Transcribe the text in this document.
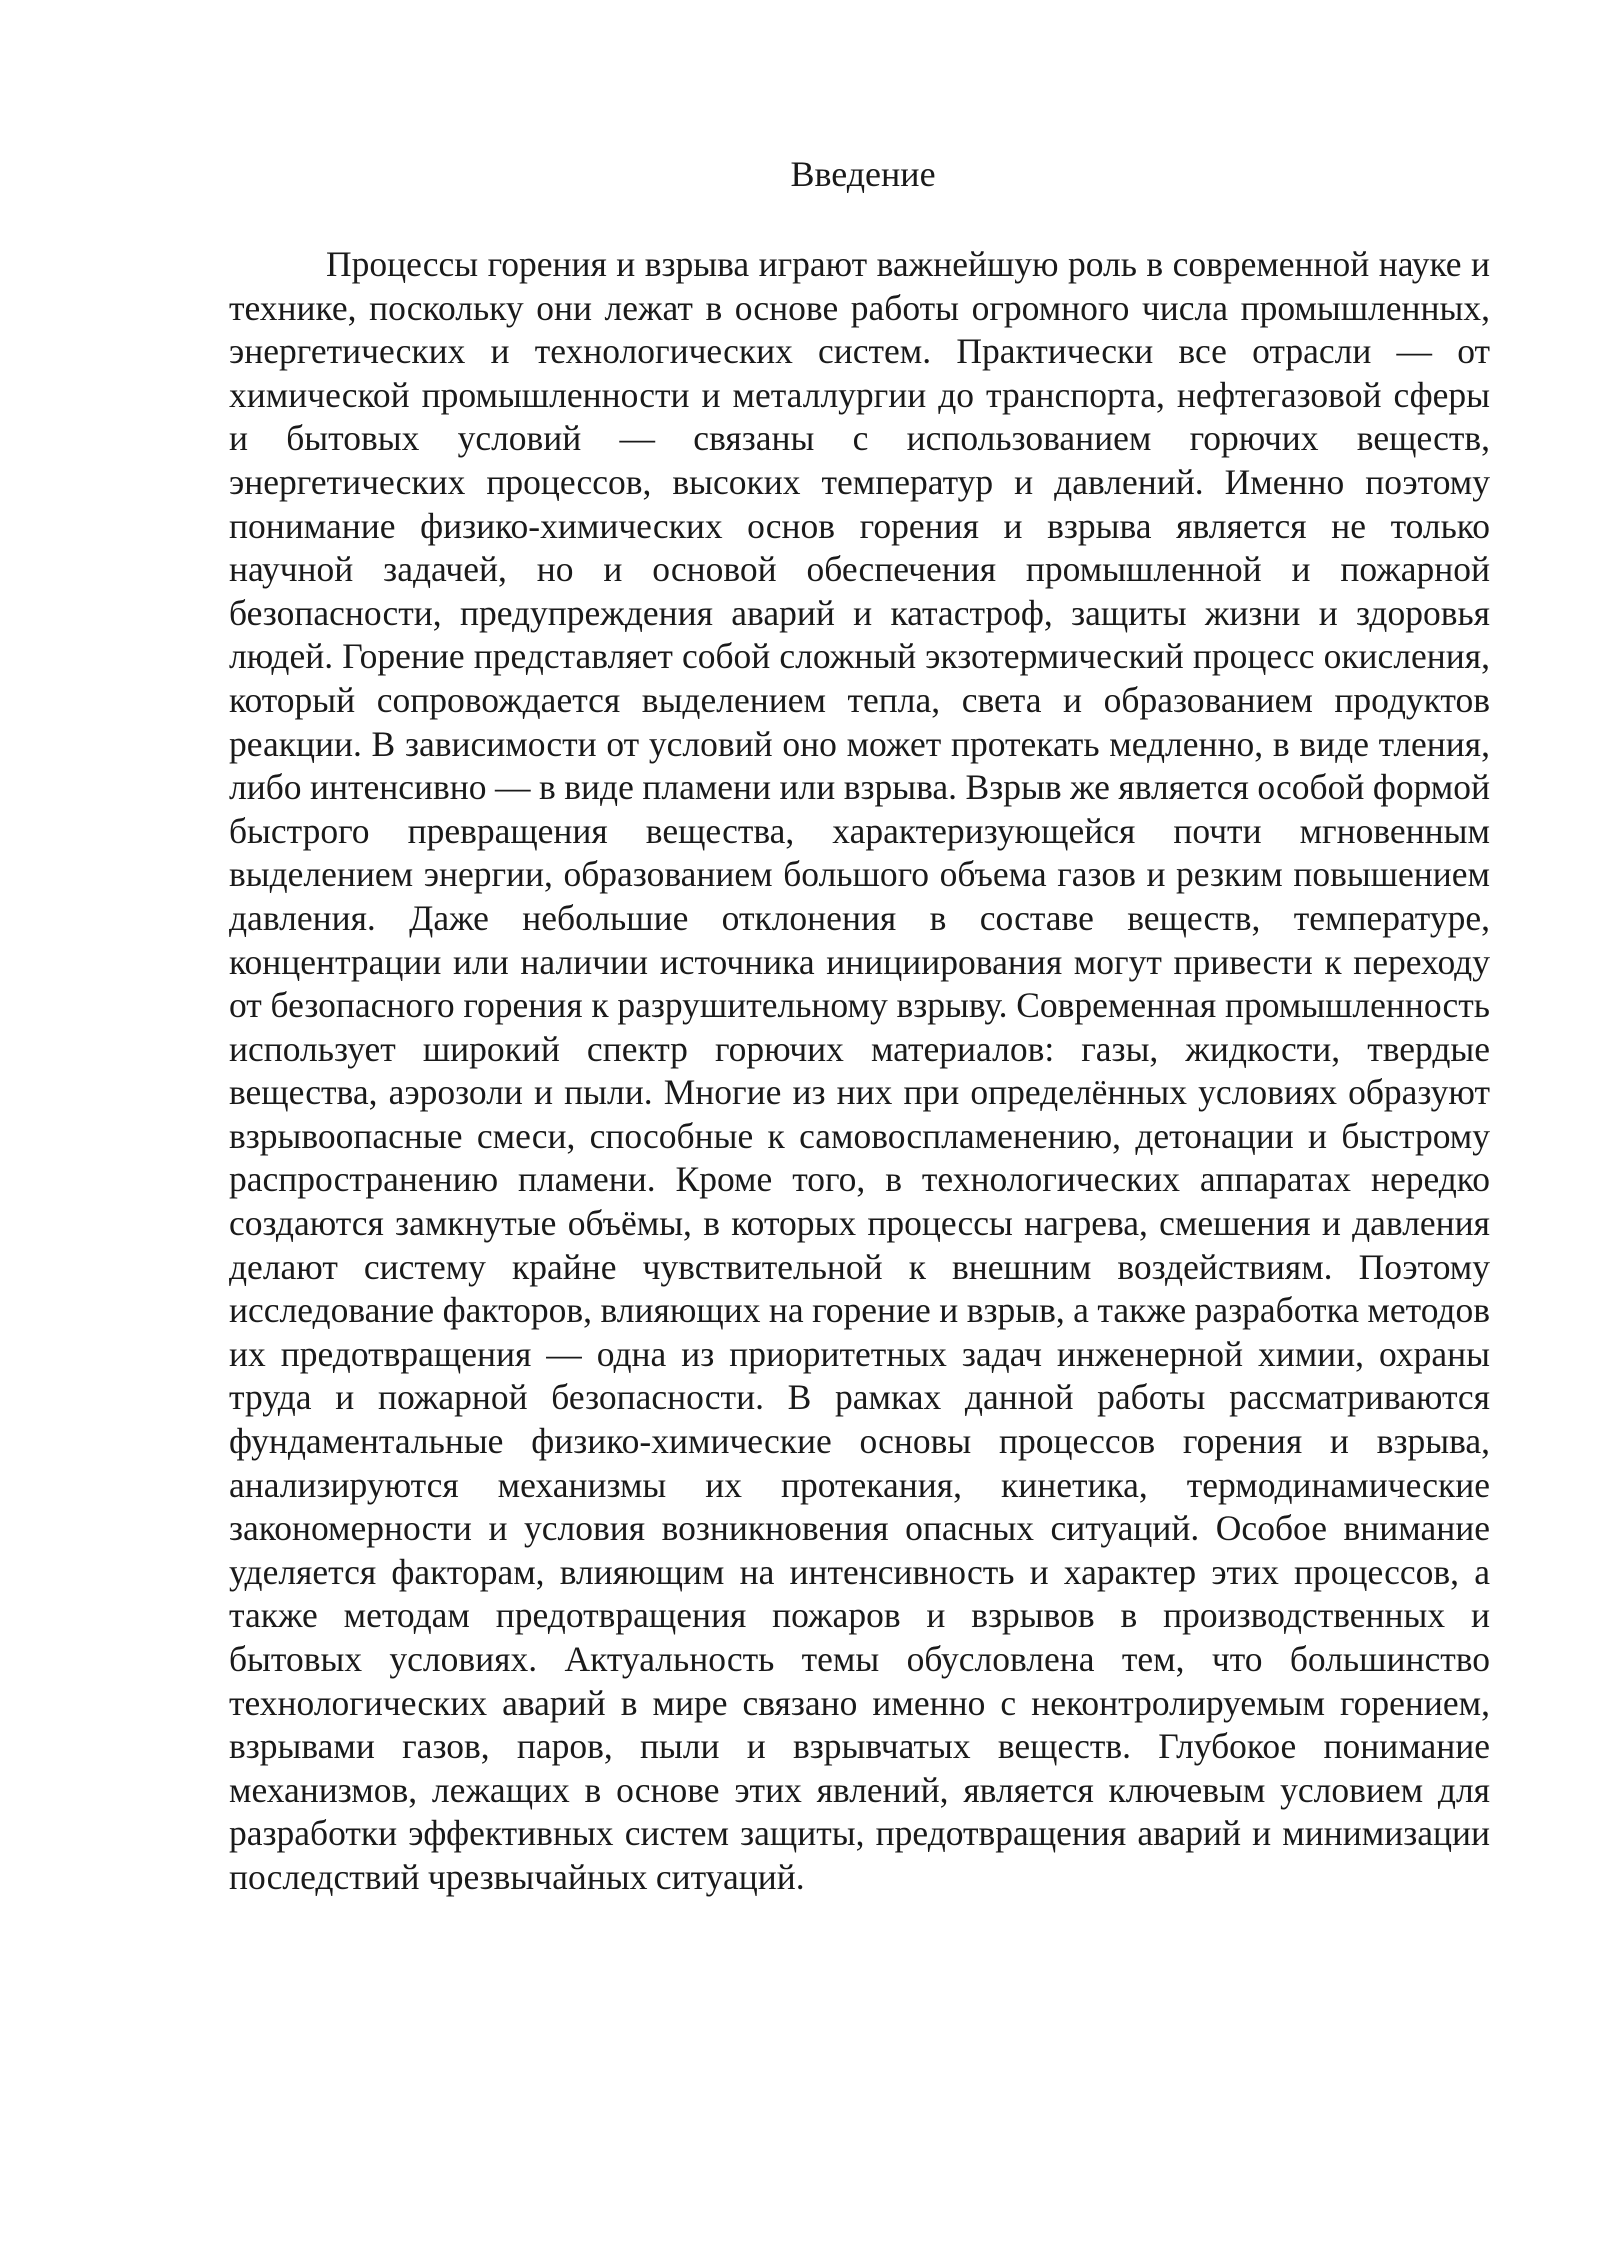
Введение

Процессы горения и взрыва играют важнейшую роль в современной науке и технике, поскольку они лежат в основе работы огромного числа промышленных, энергетических и технологических систем. Практически все отрасли — от химической промышленности и металлургии до транспорта, нефтегазовой сферы и бытовых условий — связаны с использованием горючих веществ, энергетических процессов, высоких температур и давлений. Именно поэтому понимание физико-химических основ горения и взрыва является не только научной задачей, но и основой обеспечения промышленной и пожарной безопасности, предупреждения аварий и катастроф, защиты жизни и здоровья людей. Горение представляет собой сложный экзотермический процесс окисления, который сопровождается выделением тепла, света и образованием продуктов реакции. В зависимости от условий оно может протекать медленно, в виде тления, либо интенсивно — в виде пламени или взрыва. Взрыв же является особой формой быстрого превращения вещества, характеризующейся почти мгновенным выделением энергии, образованием большого объема газов и резким повышением давления. Даже небольшие отклонения в составе веществ, температуре, концентрации или наличии источника инициирования могут привести к переходу от безопасного горения к разрушительному взрыву. Современная промышленность использует широкий спектр горючих материалов: газы, жидкости, твердые вещества, аэрозоли и пыли. Многие из них при определённых условиях образуют взрывоопасные смеси, способные к самовоспламенению, детонации и быстрому распространению пламени. Кроме того, в технологических аппаратах нередко создаются замкнутые объёмы, в которых процессы нагрева, смешения и давления делают систему крайне чувствительной к внешним воздействиям. Поэтому исследование факторов, влияющих на горение и взрыв, а также разработка методов их предотвращения — одна из приоритетных задач инженерной химии, охраны труда и пожарной безопасности. В рамках данной работы рассматриваются фундаментальные физико-химические основы процессов горения и взрыва, анализируются механизмы их протекания, кинетика, термодинамические закономерности и условия возникновения опасных ситуаций. Особое внимание уделяется факторам, влияющим на интенсивность и характер этих процессов, а также методам предотвращения пожаров и взрывов в производственных и бытовых условиях. Актуальность темы обусловлена тем, что большинство технологических аварий в мире связано именно с неконтролируемым горением, взрывами газов, паров, пыли и взрывчатых веществ. Глубокое понимание механизмов, лежащих в основе этих явлений, является ключевым условием для разработки эффективных систем защиты, предотвращения аварий и минимизации последствий чрезвычайных ситуаций.
